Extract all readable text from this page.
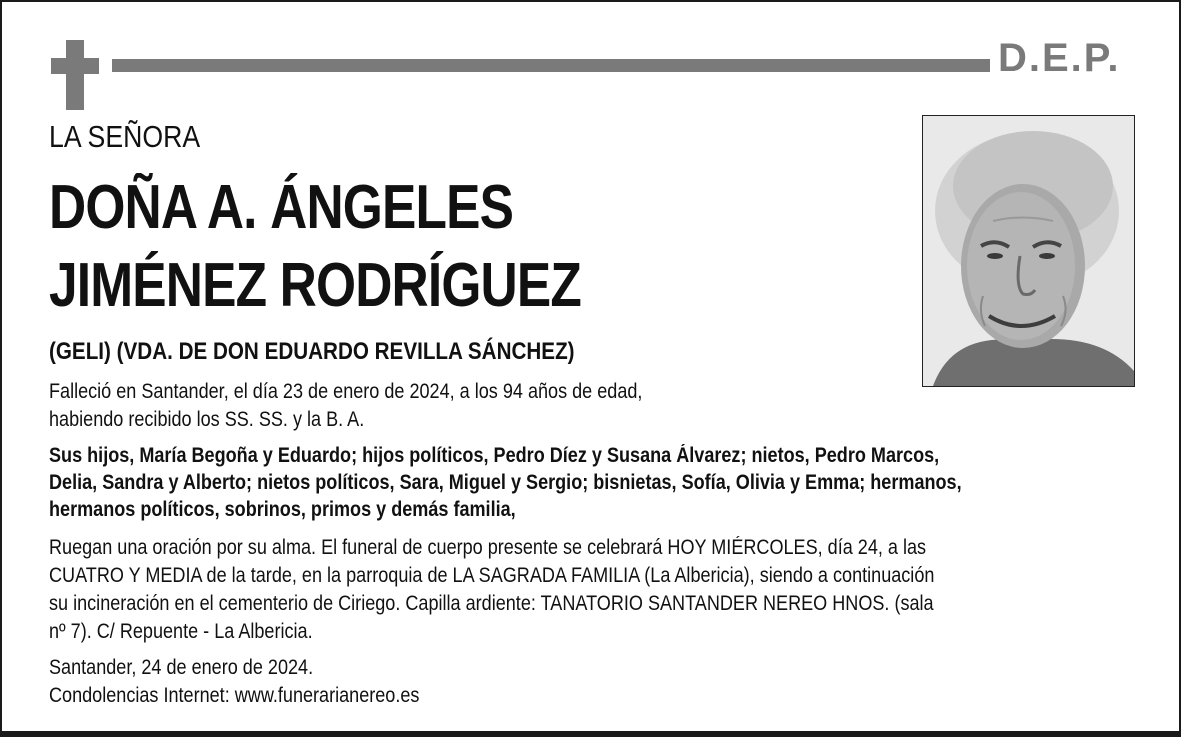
D.E.P.
LA SEÑORA
DOÑA A. ÁNGELES
JIMÉNEZ RODRÍGUEZ
(GELI) (VDA. DE DON EDUARDO REVILLA SÁNCHEZ)
Falleció en Santander, el día 23 de enero de 2024, a los 94 años de edad,
habiendo recibido los SS. SS. y la B. A.
Sus hijos, María Begoña y Eduardo; hijos políticos, Pedro Díez y Susana Álvarez; nietos, Pedro Marcos,
Delia, Sandra y Alberto; nietos políticos, Sara, Miguel y Sergio; bisnietas, Sofía, Olivia y Emma; hermanos,
hermanos políticos, sobrinos, primos y demás familia,
Ruegan una oración por su alma. El funeral de cuerpo presente se celebrará HOY MIÉRCOLES, día 24, a las
CUATRO Y MEDIA de la tarde, en la parroquia de LA SAGRADA FAMILIA (La Albericia), siendo a continuación
su incineración en el cementerio de Ciriego. Capilla ardiente: TANATORIO SANTANDER NEREO HNOS. (sala
nº 7). C/ Repuente - La Albericia.
Santander, 24 de enero de 2024.
Condolencias Internet: www.funerarianereo.es
